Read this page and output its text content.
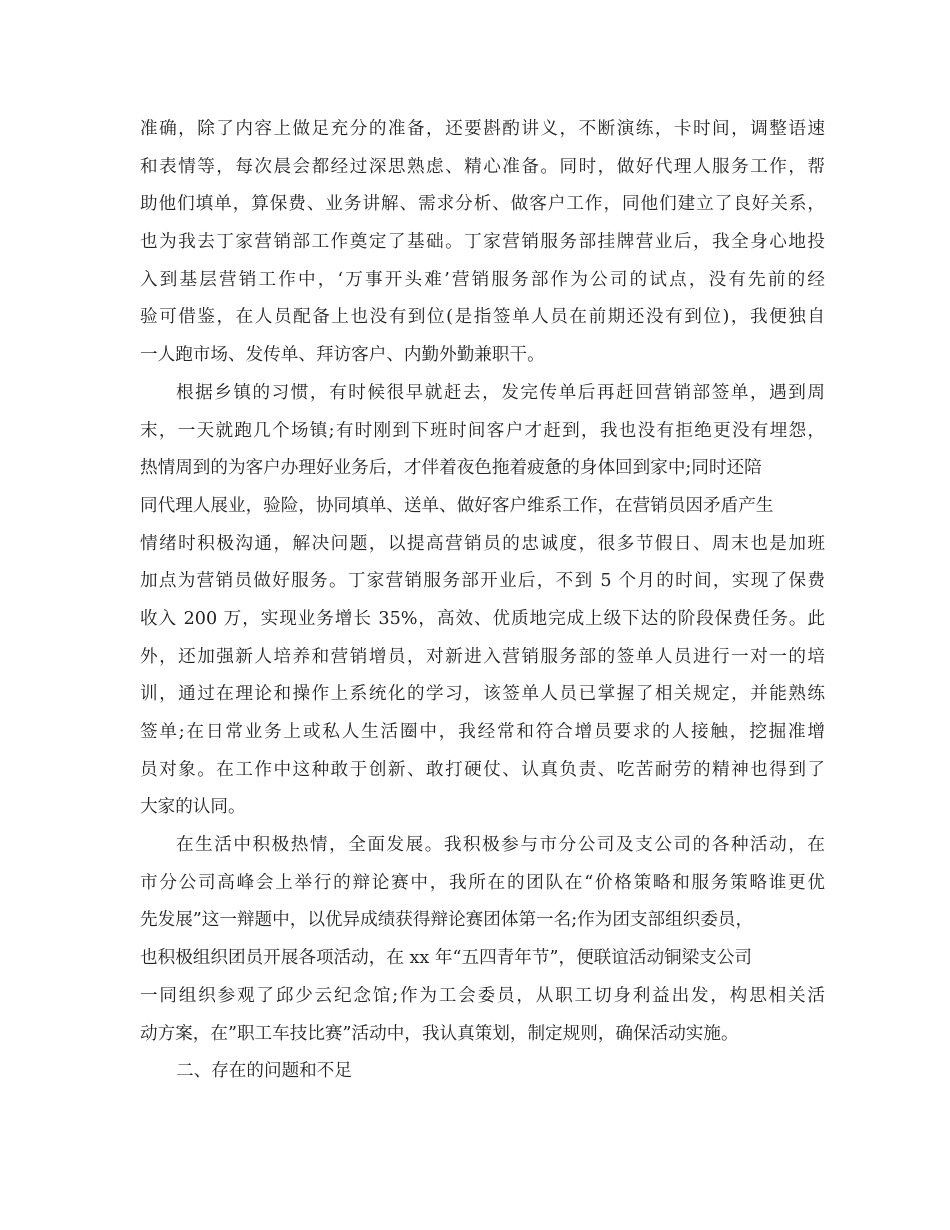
准确，除了内容上做足充分的准备，还要斟酌讲义，不断演练，卡时间，调整语速
和表情等，每次晨会都经过深思熟虑、精心准备。同时，做好代理人服务工作，帮
助他们填单，算保费、业务讲解、需求分析、做客户工作，同他们建立了良好关系，
也为我去丁家营销部工作奠定了基础。丁家营销服务部挂牌营业后，我全身心地投
入到基层营销工作中，‘万事开头难’营销服务部作为公司的试点，没有先前的经
验可借鉴，在人员配备上也没有到位(是指签单人员在前期还没有到位)，我便独自
一人跑市场、发传单、拜访客户、内勤外勤兼职干。
根据乡镇的习惯，有时候很早就赶去，发完传单后再赶回营销部签单，遇到周
末，一天就跑几个场镇;有时刚到下班时间客户才赶到，我也没有拒绝更没有埋怨，
热情周到的为客户办理好业务后，才伴着夜色拖着疲惫的身体回到家中;同时还陪
同代理人展业，验险，协同填单、送单、做好客户维系工作，在营销员因矛盾产生
情绪时积极沟通，解决问题，以提高营销员的忠诚度，很多节假日、周末也是加班
加点为营销员做好服务。丁家营销服务部开业后，不到 5 个月的时间，实现了保费
收入 200 万，实现业务增长 35%，高效、优质地完成上级下达的阶段保费任务。此
外，还加强新人培养和营销增员，对新进入营销服务部的签单人员进行一对一的培
训，通过在理论和操作上系统化的学习，该签单人员已掌握了相关规定，并能熟练
签单;在日常业务上或私人生活圈中，我经常和符合增员要求的人接触，挖掘准增
员对象。在工作中这种敢于创新、敢打硬仗、认真负责、吃苦耐劳的精神也得到了
大家的认同。
在生活中积极热情，全面发展。我积极参与市分公司及支公司的各种活动，在
市分公司高峰会上举行的辩论赛中，我所在的团队在“价格策略和服务策略谁更优
先发展”这一辩题中，以优异成绩获得辩论赛团体第一名;作为团支部组织委员，
也积极组织团员开展各项活动，在 xx 年“五四青年节”，便联谊活动铜梁支公司
一同组织参观了邱少云纪念馆;作为工会委员，从职工切身利益出发，构思相关活
动方案，在”职工车技比赛”活动中，我认真策划，制定规则，确保活动实施。
二、存在的问题和不足
